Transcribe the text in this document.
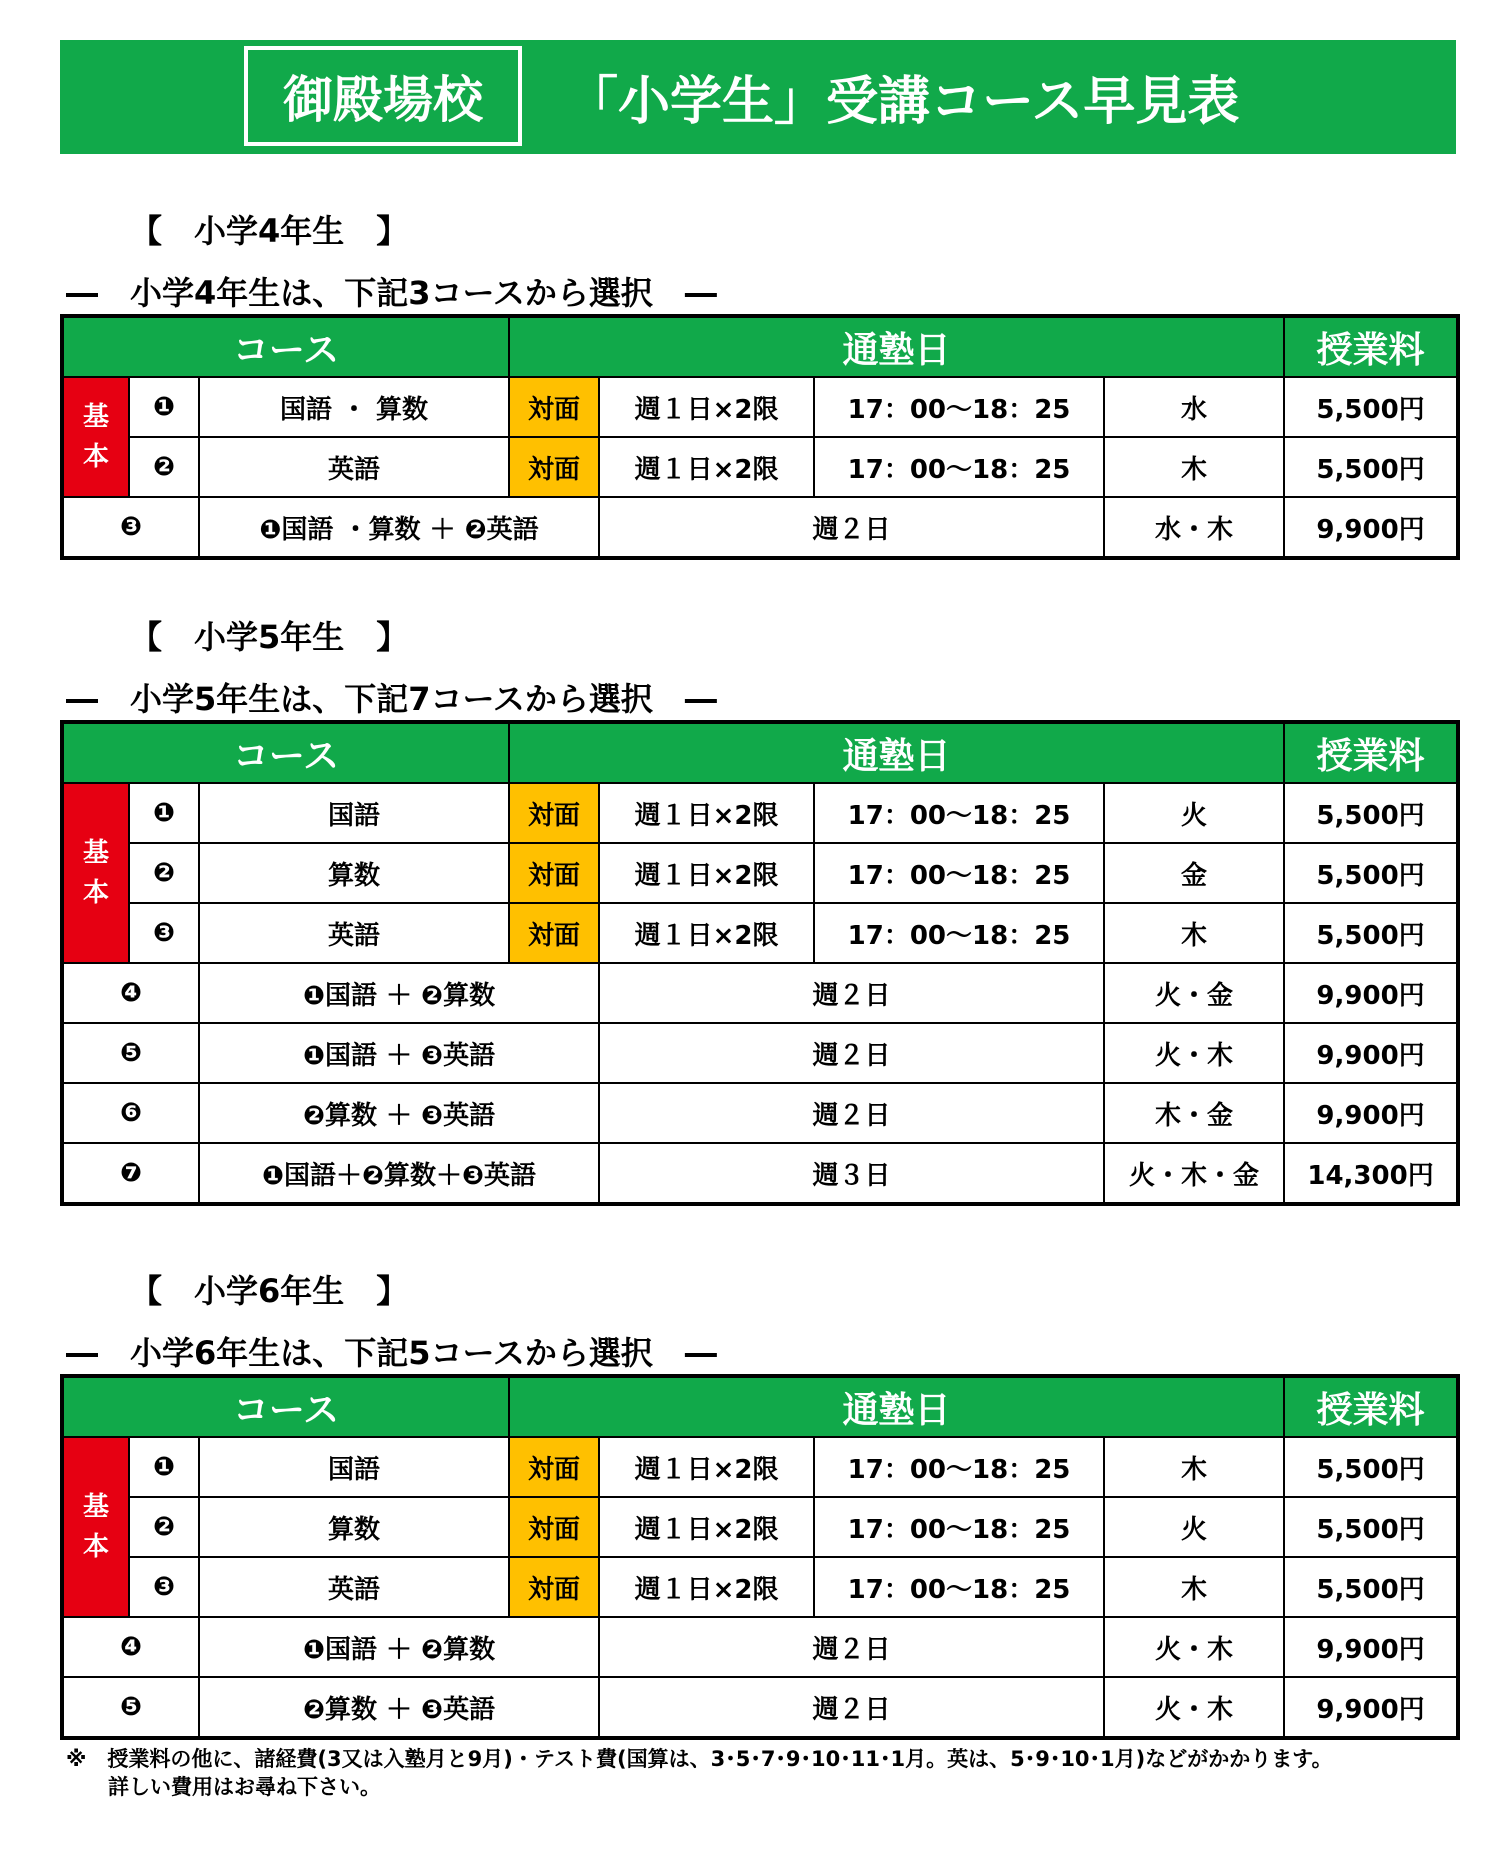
御殿場校	「小学生」受講コース早見表
【　小学4年生　】
―　小学4年生は、下記3コースから選択　―
コース			通塾日				授業料
基本	❶	国語 ・ 算数	対面	週１日×2限	17：00～18：25	水	5,500円
	❷	英語	対面	週１日×2限	17：00～18：25	木	5,500円
❸		❶国語 ・算数 ＋ ❷英語		週２日		水・木	9,900円
【　小学5年生　】
―　小学5年生は、下記7コースから選択　―
コース			通塾日				授業料
基本	❶	国語	対面	週１日×2限	17：00～18：25	火	5,500円
	❷	算数	対面	週１日×2限	17：00～18：25	金	5,500円
	❸	英語	対面	週１日×2限	17：00～18：25	木	5,500円
❹		❶国語 ＋ ❷算数		週２日		火・金	9,900円
❺		❶国語 ＋ ❸英語		週２日		火・木	9,900円
❻		❷算数 ＋ ❸英語		週２日		木・金	9,900円
❼		❶国語＋❷算数＋❸英語		週３日		火・木・金	14,300円
【　小学6年生　】
―　小学6年生は、下記5コースから選択　―
コース			通塾日				授業料
基本	❶	国語	対面	週１日×2限	17：00～18：25	木	5,500円
	❷	算数	対面	週１日×2限	17：00～18：25	火	5,500円
	❸	英語	対面	週１日×2限	17：00～18：25	木	5,500円
❹		❶国語 ＋ ❷算数		週２日		火・木	9,900円
❺		❷算数 ＋ ❸英語		週２日		火・木	9,900円
※　授業料の他に、諸経費(3又は入塾月と9月)・テスト費(国算は、3･5･7･9･10･11･1月。英は、5･9･10･1月)などがかかります。
　　詳しい費用はお尋ね下さい。
